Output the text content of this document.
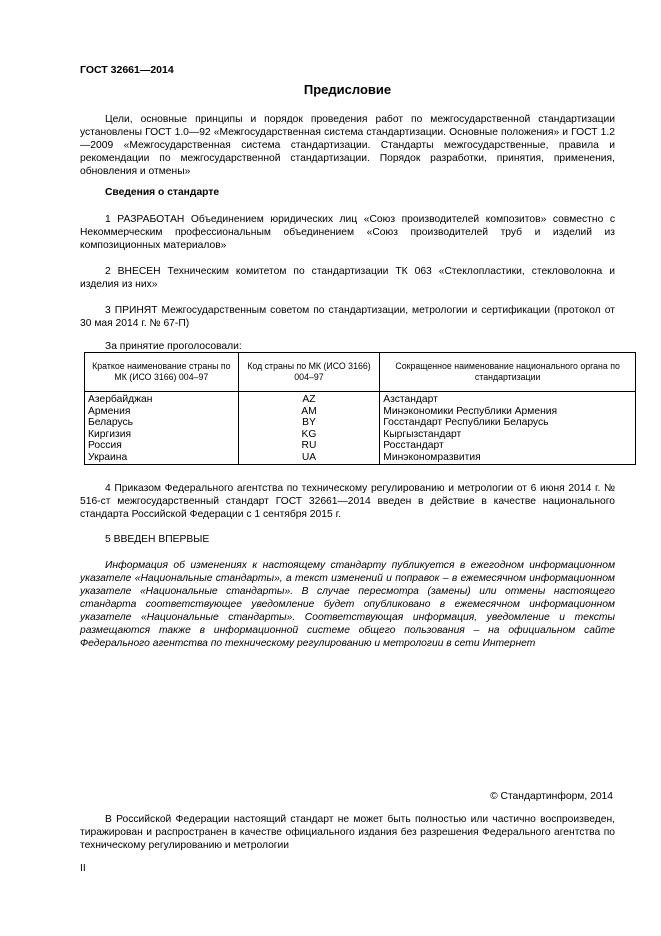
ГОСТ 32661—2014
Предисловие

Цели, основные принципы и порядок проведения работ по межгосударственной стандартизации установлены ГОСТ 1.0—92 «Межгосударственная система стандартизации. Основные положения» и ГОСТ 1.2—2009 «Межгосударственная система стандартизации. Стандарты межгосударственные, правила и рекомендации по межгосударственной стандартизации. Порядок разработки, принятия, применения, обновления и отмены»

Сведения о стандарте

1 РАЗРАБОТАН Объединением юридических лиц «Союз производителей композитов» совместно с Некоммерческим профессиональным объединением «Союз производителей труб и изделий из композиционных материалов»

2 ВНЕСЕН Техническим комитетом по стандартизации ТК 063 «Стеклопластики, стекловолокна и изделия из них»

3 ПРИНЯТ Межгосударственным советом по стандартизации, метрологии и сертификации (протокол от 30 мая 2014 г. № 67-П)

За принятие проголосовали:

Краткое наименование страны по МК (ИСО 3166) 004–97	Код страны по МК (ИСО 3166) 004–97	Сокращенное наименование национального органа по стандартизации
Азербайджан	AZ	Азстандарт
Армения	AM	Минэкономики Республики Армения
Беларусь	BY	Госстандарт Республики Беларусь
Киргизия	KG	Кыргызстандарт
Россия	RU	Росстандарт
Украина	UA	Минэкономразвития

4 Приказом Федерального агентства по техническому регулированию и метрологии от 6 июня 2014 г. № 516-ст межгосударственный стандарт ГОСТ 32661—2014 введен в действие в качестве национального стандарта Российской Федерации с 1 сентября 2015 г.

5 ВВЕДЕН ВПЕРВЫЕ

Информация об изменениях к настоящему стандарту публикуется в ежегодном информационном указателе «Национальные стандарты», а текст изменений и поправок – в ежемесячном информационном указателе «Национальные стандарты». В случае пересмотра (замены) или отмены настоящего стандарта соответствующее уведомление будет опубликовано в ежемесячном информационном указателе «Национальные стандарты». Соответствующая информация, уведомление и тексты размещаются также в информационной системе общего пользования – на официальном сайте Федерального агентства по техническому регулированию и метрологии в сети Интернет

© Стандартинформ, 2014

В Российской Федерации настоящий стандарт не может быть полностью или частично воспроизведен, тиражирован и распространен в качестве официального издания без разрешения Федерального агентства по техническому регулированию и метрологии

II
